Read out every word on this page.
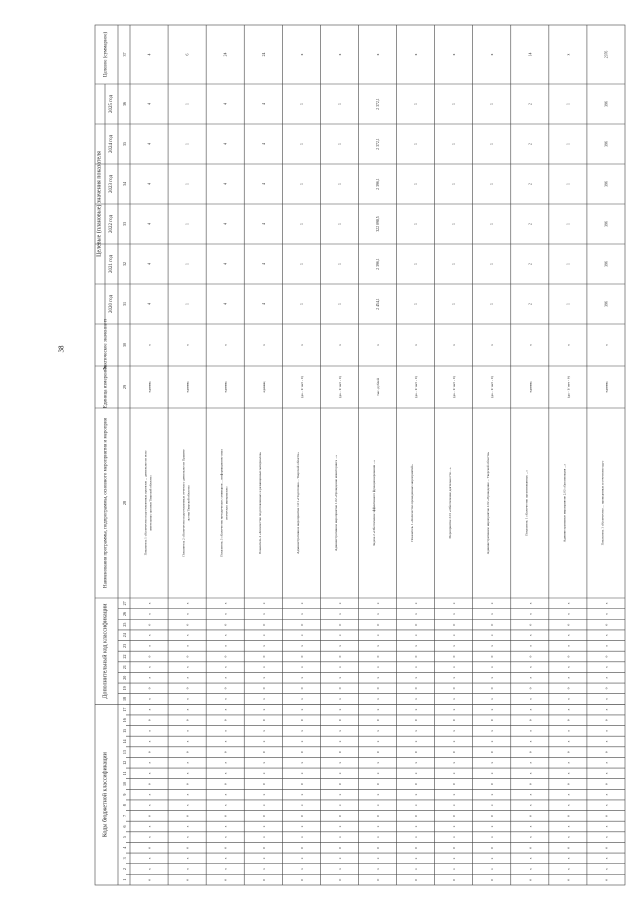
38
Коды бюджетной классификации
Дополнительный код классификации
Наименования программы, подпрограммы, основного мероприятия и мероприя
Единица измерения
Фактическое значение п
Целевые (плановые) значения показателя
2020 год
2021 год
2022 год
2023 год
2024 год
2025 год
Целевое (суммарное)
1
2
3
4
5
6
7
8
9
10
11
12
13
14
15
16
17
18
19
20
21
22
23
24
25
26
27
28
29
30
31
32
33
34
35
36
37
0
х
х
0
х
х
0
х
х
0
х
х
0
х
х
0
х
х
0
х
х
0
х
х
0
х
х
Показатель 1 «Количество подготовленных проектов ... деятельности испо лнительных органов Тверской области»
единиц
х
4
4
4
4
4
4
4
0
х
х
0
х
х
0
х
х
0
х
х
0
х
х
0
х
х
0
х
х
0
х
х
0
х
х
Показатель 2 «Количество подготовленных отчетов о деятельности Правите льства Тверской области»
единиц
х
1
1
1
1
1
1
6
0
х
х
0
х
х
0
х
х
0
х
х
0
х
х
0
х
х
0
х
х
0
х
х
0
х
х
Показатель 3 «Количество методических семинаров ... информационно-анал итических материалов»
единиц
х
4
4
4
4
4
4
24
0
х
х
0
х
х
0
х
х
0
х
х
0
х
х
0
х
х
0
х
х
0
х
х
0
х
х
Показатель 4 «Количество подготовленных и размещенных материалов»
единиц
х
4
4
4
4
4
4
24
0
х
х
0
х
х
0
х
х
0
х
х
0
х
х
0
х
х
0
х
х
0
х
х
0
х
х
Административное мероприятие 1.01 «Подготовка ... Тверской области»
(да - 1/ нет - 0)
х
1
1
1
1
1
1
х
0
х
х
0
х
х
0
х
х
0
х
х
0
х
х
0
х
х
0
х
х
0
х
х
0
х
х
Административное мероприятие 1.02 «Проведение мониторинга ...»
(да - 1/ нет - 0)
х
1
1
1
1
1
1
х
0
х
х
0
х
х
0
х
х
0
х
х
0
х
х
0
х
х
0
х
х
0
х
х
0
х
х
Задача 2 «Обеспечение эффективного функционирования ...»
тыс. рублей
х
2 454,1
2 396,1
322 098,5
2 396,1
2 372,1
2 372,1
х
0
х
х
0
х
х
0
х
х
0
х
х
0
х
х
0
х
х
0
х
х
0
х
х
0
х
х
Показатель 1 «Количество проведенных мероприятий»
(да - 1/ нет - 0)
х
1
1
1
1
1
1
х
0
х
х
0
х
х
0
х
х
0
х
х
0
х
х
0
х
х
0
х
х
0
х
х
0
х
х
Мероприятие 2.01 «Обеспечение деятельности ...»
(да - 1/ нет - 0)
х
1
1
1
1
1
1
х
0
х
х
0
х
х
0
х
х
0
х
х
0
х
х
0
х
х
0
х
х
0
х
х
0
х
х
Административное мероприятие 2.02 «Проведение ... Тверской области»
(да - 1/ нет - 0)
х
1
1
1
1
1
1
х
0
х
х
0
х
х
0
х
х
0
х
х
0
х
х
0
х
х
0
х
х
0
х
х
0
х
х
Показатель 1 «Количество организованных ...»
единиц
х
2
2
2
2
2
2
14
0
х
х
0
х
х
0
х
х
0
х
х
0
х
х
0
х
х
0
х
х
0
х
х
0
х
х
Административное мероприятие 2.03 «Организация ...»
(да - 1/ нет - 0)
х
1
1
1
1
1
1
х
0
х
х
0
х
х
0
х
х
0
х
х
0
х
х
0
х
х
0
х
х
0
х
х
0
х
х
Показатель 1 «Количество ... проведенных в отчетном году»
единиц
х
396
396
396
396
396
396
2376
